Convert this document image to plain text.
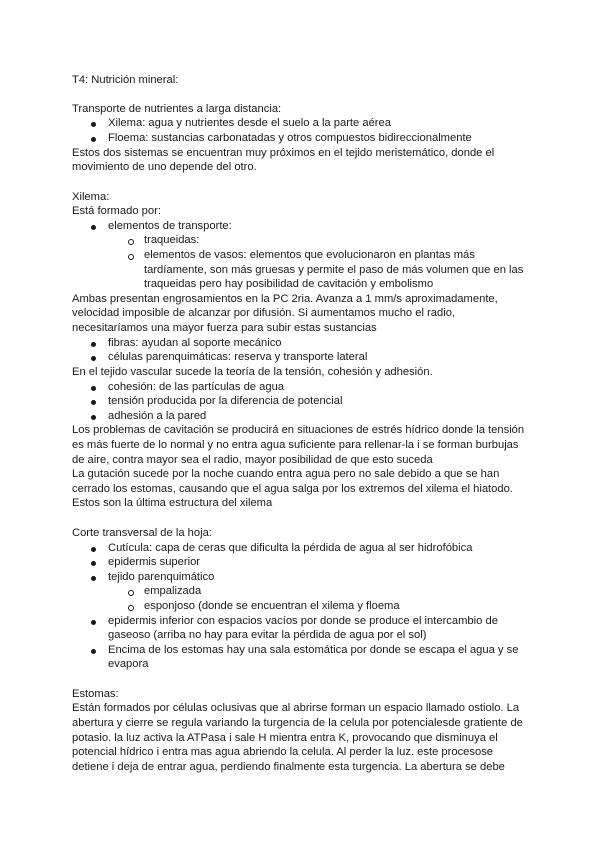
T4: Nutrición mineral:
Transporte de nutrientes a larga distancia:
Xilema: agua y nutrientes desde el suelo a la parte aérea
Floema: sustancias carbonatadas y otros compuestos bidireccionalmente
Estos dos sistemas se encuentran muy próximos en el tejido meristemático, donde el
movimiento de uno depende del otro.
Xilema:
Está formado por:
elementos de transporte:
traqueidas:
elementos de vasos: elementos que evolucionaron en plantas más
tardíamente, son más gruesas y permite el paso de más volumen que en las
traqueidas pero hay posibilidad de cavitación y embolismo
Ambas presentan engrosamientos en la PC 2ria. Avanza a 1 mm/s aproximadamente,
velocidad imposible de alcanzar por difusión. Si aumentamos mucho el radio,
necesitaríamos una mayor fuerza para subir estas sustancias
fibras: ayudan al soporte mecánico
células parenquimáticas: reserva y transporte lateral
En el tejido vascular sucede la teoría de la tensión, cohesión y adhesión.
cohesión: de las partículas de agua
tensión producida por la diferencia de potencial
adhesión a la pared
Los problemas de cavitación se producirá en situaciones de estrés hídrico donde la tensión
es más fuerte de lo normal y no entra agua suficiente para rellenar-la i se forman burbujas
de aire, contra mayor sea el radio, mayor posibilidad de que esto suceda
La gutación sucede por la noche cuando entra agua pero no sale debido a que se han
cerrado los estomas, causando que el agua salga por los extremos del xilema el hiatodo.
Estos son la última estructura del xilema
Corte transversal de la hoja:
Cutícula: capa de ceras que dificulta la pérdida de agua al ser hidrofóbica
epidermis superior
tejido parenquimático
empalizada
esponjoso (donde se encuentran el xilema y floema
epidermis inferior con espacios vacíos por donde se produce el intercambio de
gaseoso (arriba no hay para evitar la pérdida de agua por el sol)
Encima de los estomas hay una sala estomática por donde se escapa el agua y se
evapora
Estomas:
Están formados por células oclusivas que al abrirse forman un espacio llamado ostiolo. La
abertura y cierre se regula variando la turgencia de la celula por potencialesde gratiente de
potasio. la luz activa la ATPasa i sale H mientra entra K, provocando que disminuya el
potencial hídrico i entra mas agua abriendo la celula. Al perder la luz. este procesose
detiene i deja de entrar agua, perdiendo finalmente esta turgencia. La abertura se debe
